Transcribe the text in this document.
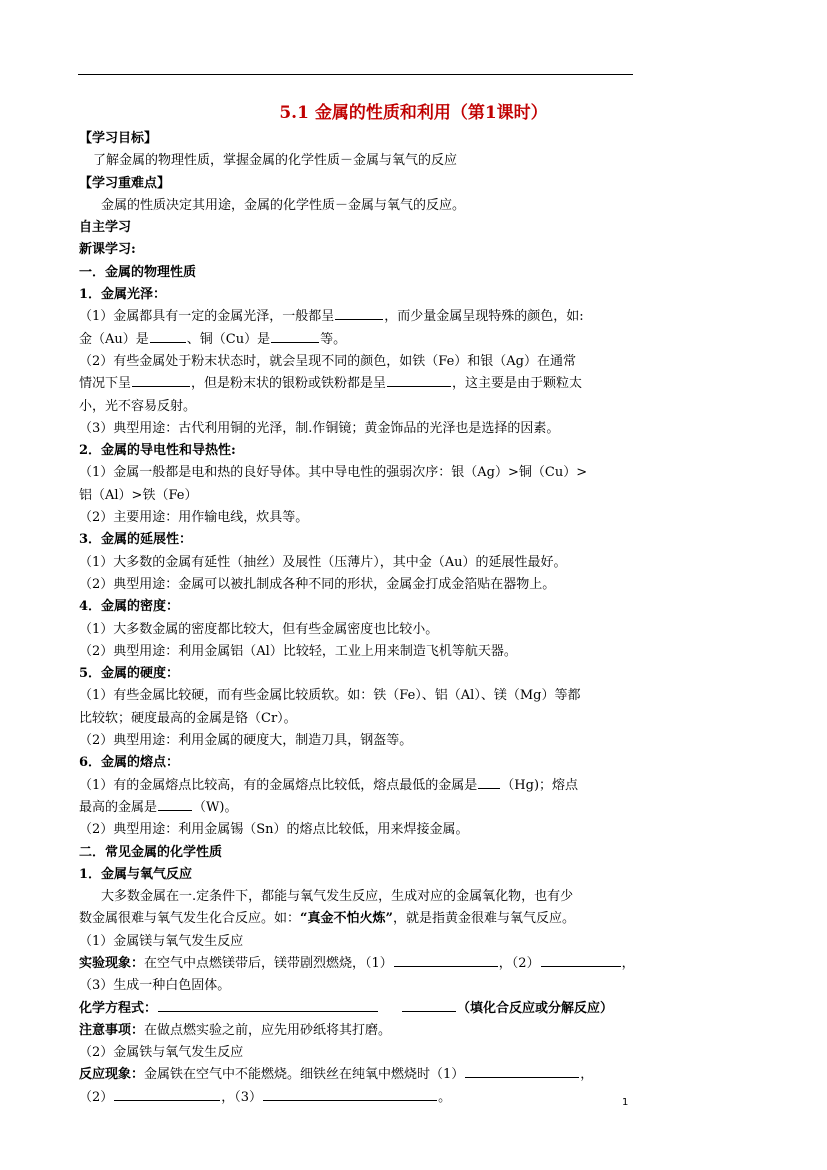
5.1 金属的性质和利用（第1课时）
【学习目标】
了解金属的物理性质，掌握金属的化学性质－金属与氧气的反应
【学习重难点】
金属的性质决定其用途，金属的化学性质－金属与氧气的反应。
自主学习
新课学习:
一．金属的物理性质
1．金属光泽：
（1）金属都具有一定的金属光泽，一般都呈	，而少量金属呈现特殊的颜色，如:
金（Au）是	、铜（Cu）是	等。
（2）有些金属处于粉末状态时，就会呈现不同的颜色，如铁（Fe）和银（Ag）在通常
情况下呈	，但是粉末状的银粉或铁粉都是呈	，这主要是由于颗粒太
小，光不容易反射。
（3）典型用途：古代利用铜的光泽，制.作铜镜；黄金饰品的光泽也是选择的因素。
2．金属的导电性和导热性:
（1）金属一般都是电和热的良好导体。其中导电性的强弱次序：银（Ag）>铜（Cu）>
铝（Al）>铁（Fe）
（2）主要用途：用作输电线，炊具等。
3．金属的延展性：
（1）大多数的金属有延性（抽丝）及展性（压薄片），其中金（Au）的延展性最好。
（2）典型用途：金属可以被扎制成各种不同的形状，金属金打成金箔贴在器物上。
4．金属的密度：
（1）大多数金属的密度都比较大，但有些金属密度也比较小。
（2）典型用途：利用金属铝（Al）比较轻，工业上用来制造飞机等航天器。
5．金属的硬度：
（1）有些金属比较硬，而有些金属比较质软。如：铁（Fe）、铝（Al）、镁（Mg）等都
比较软；硬度最高的金属是铬（Cr）。
（2）典型用途：利用金属的硬度大，制造刀具，钢盔等。
6．金属的熔点：
（1）有的金属熔点比较高，有的金属熔点比较低，熔点最低的金属是 （Hg)；熔点
最高的金属是	（W)。
（2）典型用途：利用金属锡（Sn）的熔点比较低，用来焊接金属。
二．常见金属的化学性质
1．金属与氧气反应
大多数金属在一.定条件下，都能与氧气发生反应，生成对应的金属氧化物，也有少
数金属很难与氧气发生化合反应。如：“真金不怕火炼”，就是指黄金很难与氧气反应。
（1）金属镁与氧气发生反应
实验现象：在空气中点燃镁带后，镁带剧烈燃烧，（1）	，（2）	，
（3）生成一种白色固体。
化学方程式：	（填化合反应或分解反应）
注意事项：在做点燃实验之前，应先用砂纸将其打磨。
（2）金属铁与氧气发生反应
反应现象：金属铁在空气中不能燃烧。细铁丝在纯氧中燃烧时（1）	，
（2）	，（3）	。	1
